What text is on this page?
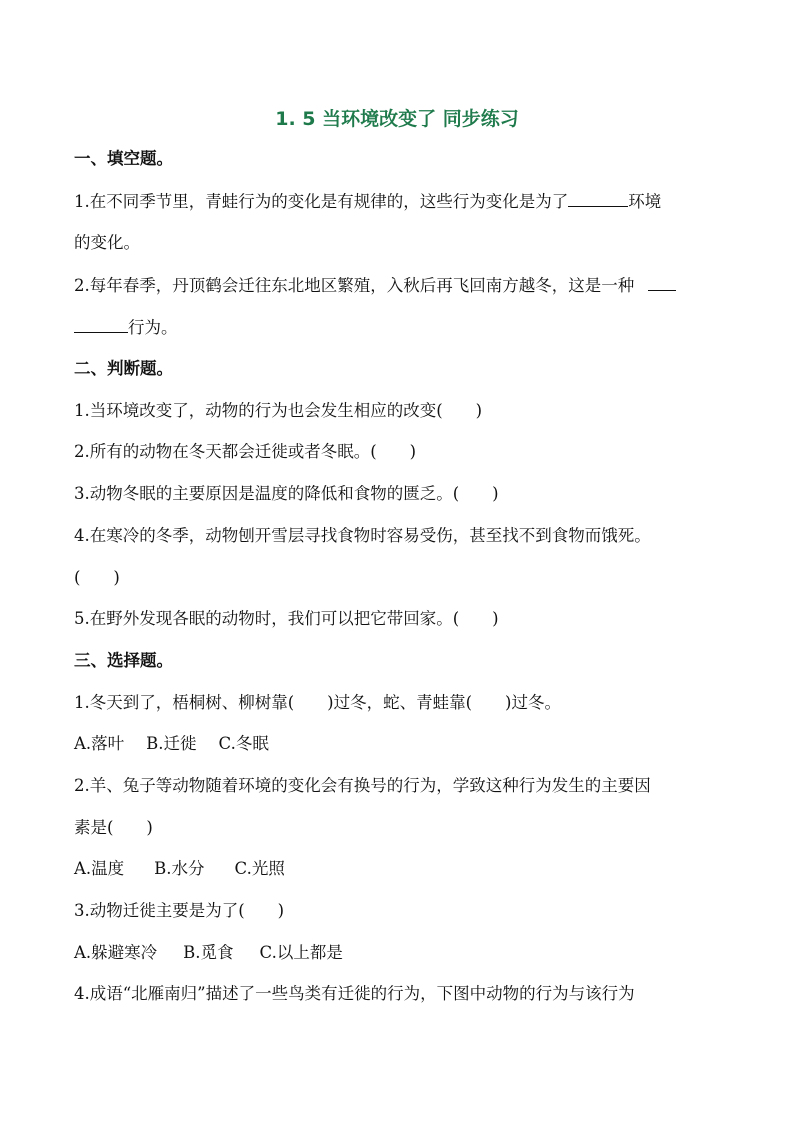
1. 5 当环境改变了 同步练习
一、填空题。
1.在不同季节里，青蛙行为的变化是有规律的，这些行为变化是为了	环境
的变化。
2.每年春季，丹顶鹤会迁往东北地区繁殖，入秋后再飞回南方越冬，这是一种
行为。
二、判断题。
1.当环境改变了，动物的行为也会发生相应的改变(　　)
2.所有的动物在冬天都会迁徙或者冬眠。(　　)
3.动物冬眠的主要原因是温度的降低和食物的匮乏。(　　)
4.在寒冷的冬季，动物刨开雪层寻找食物时容易受伤，甚至找不到食物而饿死。
(　　)
5.在野外发现各眠的动物时，我们可以把它带回家。(　　)
三、选择题。
1.冬天到了，梧桐树、柳树靠(　　)过冬，蛇、青蛙靠(　　)过冬。
A.落叶 B.迁徙 C.冬眠
2.羊、兔子等动物随着环境的变化会有换号的行为，学致这种行为发生的主要因
素是(　　)
A.温度 B.水分 C.光照
3.动物迁徙主要是为了(　　)
A.躲避寒冷 B.觅食 C.以上都是
4.成语“北雁南归”描述了一些鸟类有迁徙的行为，下图中动物的行为与该行为
